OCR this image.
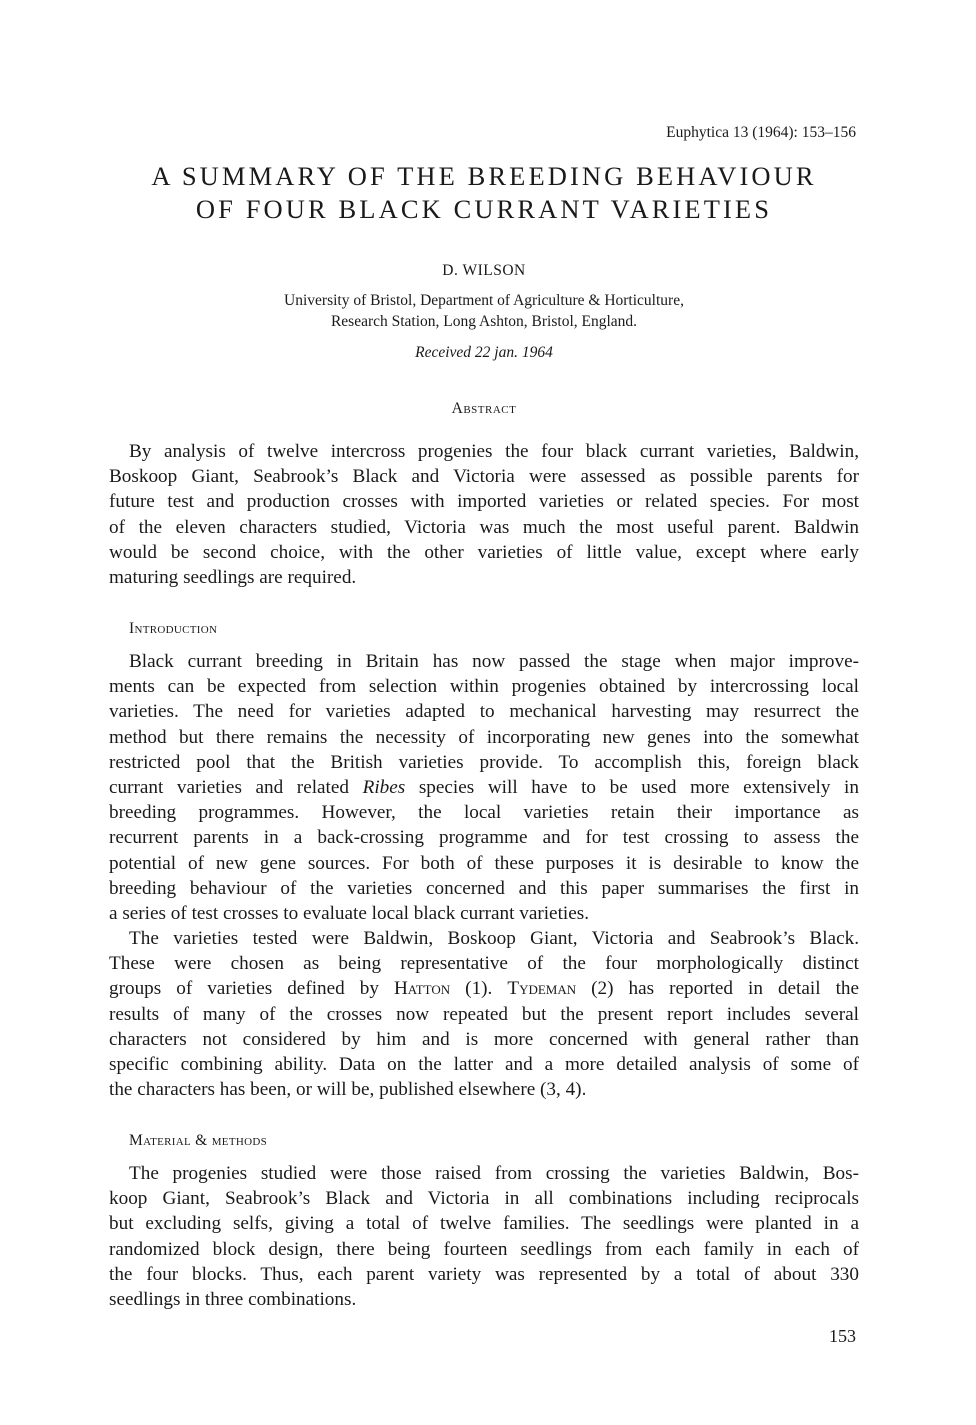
Euphytica 13 (1964): 153–156
A SUMMARY OF THE BREEDING BEHAVIOUR
OF FOUR BLACK CURRANT VARIETIES
D. WILSON
University of Bristol, Department of Agriculture & Horticulture,
Research Station, Long Ashton, Bristol, England.
Received 22 jan. 1964
Abstract
By analysis of twelve intercross progenies the four black currant varieties, Baldwin,
Boskoop Giant, Seabrook’s Black and Victoria were assessed as possible parents for
future test and production crosses with imported varieties or related species. For most
of the eleven characters studied, Victoria was much the most useful parent. Baldwin
would be second choice, with the other varieties of little value, except where early
maturing seedlings are required.
Introduction
Black currant breeding in Britain has now passed the stage when major improve-
ments can be expected from selection within progenies obtained by intercrossing local
varieties. The need for varieties adapted to mechanical harvesting may resurrect the
method but there remains the necessity of incorporating new genes into the somewhat
restricted pool that the British varieties provide. To accomplish this, foreign black
currant varieties and related Ribes species will have to be used more extensively in
breeding programmes. However, the local varieties retain their importance as
recurrent parents in a back-crossing programme and for test crossing to assess the
potential of new gene sources. For both of these purposes it is desirable to know the
breeding behaviour of the varieties concerned and this paper summarises the first in
a series of test crosses to evaluate local black currant varieties.
The varieties tested were Baldwin, Boskoop Giant, Victoria and Seabrook’s Black.
These were chosen as being representative of the four morphologically distinct
groups of varieties defined by Hatton (1). Tydeman (2) has reported in detail the
results of many of the crosses now repeated but the present report includes several
characters not considered by him and is more concerned with general rather than
specific combining ability. Data on the latter and a more detailed analysis of some of
the characters has been, or will be, published elsewhere (3, 4).
Material & methods
The progenies studied were those raised from crossing the varieties Baldwin, Bos-
koop Giant, Seabrook’s Black and Victoria in all combinations including reciprocals
but excluding selfs, giving a total of twelve families. The seedlings were planted in a
randomized block design, there being fourteen seedlings from each family in each of
the four blocks. Thus, each parent variety was represented by a total of about 330
seedlings in three combinations.
153
